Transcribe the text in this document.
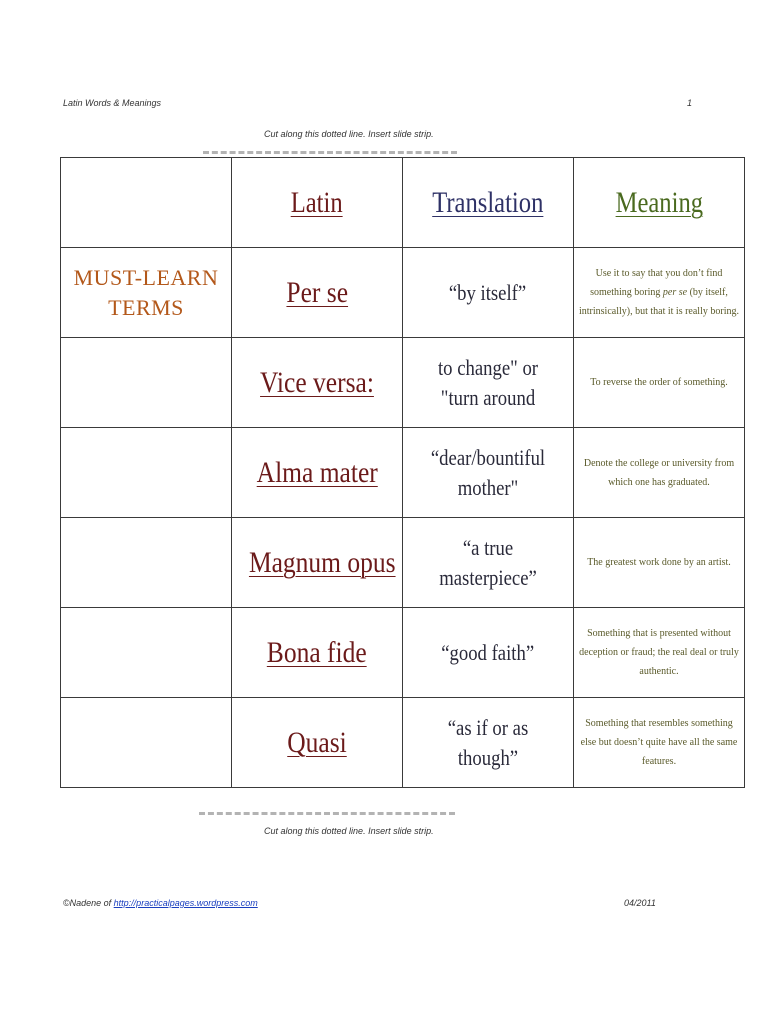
Latin Words & Meanings	1
Cut along this dotted line. Insert slide strip.
	Latin	Translation	Meaning

MUST-LEARN
TERMS	Per se	“by itself”	Use it to say that you don’t find something boring per se (by itself, intrinsically), but that it is really boring.

	Vice versa:	to change" or "turn around	To reverse the order of something.

	Alma mater	“dear/bountiful mother"	Denote the college or university from which one has graduated.

	Magnum opus	“a true masterpiece”	The greatest work done by an artist.

	Bona fide	“good faith”	Something that is presented without deception or fraud; the real deal or truly authentic.

	Quasi	“as if or as though”	Something that resembles something else but doesn’t quite have all the same features.
Cut along this dotted line. Insert slide strip.
©Nadene of http://practicalpages.wordpress.com	04/2011
